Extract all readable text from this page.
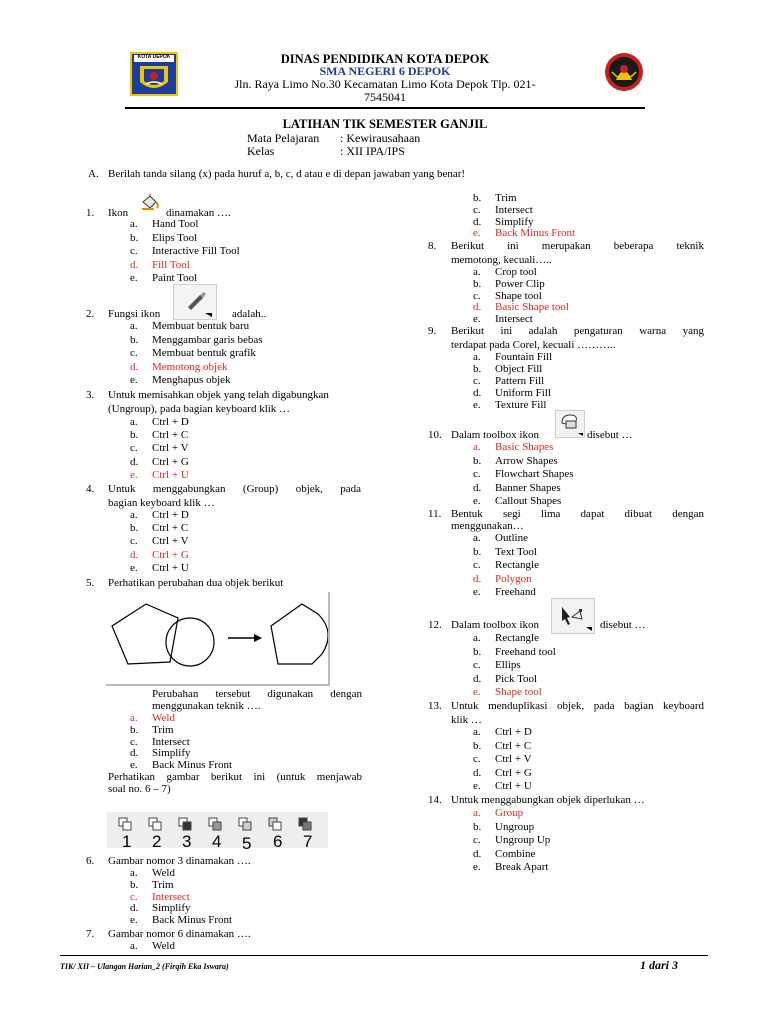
KOTA DEPOK	DINAS PENDIDIKAN KOTA DEPOK
SMA NEGERI 6 DEPOK
Jln. Raya Limo No.30 Kecamatan Limo Kota Depok Tlp. 021-
7545041
LATIHAN TIK SEMESTER GANJIL
Mata Pelajaran : Kewirausahaan
Kelas	: XII IPA/IPS
A. Berilah tanda silang (x) pada huruf a, b, c, d atau e di depan jawaban yang benar!
1. Ikon	dinamakan ….
a. Hand Tool
b. Elips Tool
c. Interactive Fill Tool
d. Fill Tool
e. Paint Tool
2. Fungsi ikon	adalah..
a. Membuat bentuk baru
b. Menggambar garis bebas
c. Membuat bentuk grafik
d. Memotong objek
e. Menghapus objek
3. Untuk memisahkan objek yang telah digabungkan
(Ungroup), pada bagian keyboard klik …
a. Ctrl + D
b. Ctrl + C
c. Ctrl + V
d. Ctrl + G
e. Ctrl + U
4. Untuk menggabungkan (Group) objek, pada
bagian keyboard klik …
a. Ctrl + D
b. Ctrl + C
c. Ctrl + V
d. Ctrl + G
e. Ctrl + U
5. Perhatikan perubahan dua objek berikut
Perubahan tersebut digunakan dengan
menggunakan teknik ….
a. Weld
b. Trim
c. Intersect
d. Simplify
e. Back Minus Front
Perhatikan gambar berikut ini (untuk menjawab
soal no. 6 – 7)
1 2 3 4 5 6 7
6. Gambar nomor 3 dinamakan ….
a. Weld
b. Trim
c. Intersect
d. Simplify
e. Back Minus Front
7. Gambar nomor 6 dinamakan ….
a. Weld
b. Trim
c. Intersect
d. Simplify
e. Back Minus Front
8. Berikut ini merupakan beberapa teknik
memotong, kecuali…..
a. Crop tool
b. Power Clip
c. Shape tool
d. Basic Shape tool
e. Intersect
9. Berikut ini adalah pengaturan warna yang
terdapat pada Corel, kecuali ………..
a. Fountain Fill
b. Object Fill
c. Pattern Fill
d. Uniform Fill
e. Texture Fill
10. Dalam toolbox ikon	disebut …
a. Basic Shapes
b. Arrow Shapes
c. Flowchart Shapes
d. Banner Shapes
e. Callout Shapes
11. Bentuk segi lima dapat dibuat dengan
menggunakan…
a. Outline
b. Text Tool
c. Rectangle
d. Polygon
e. Freehand
12. Dalam toolbox ikon	disebut …
a. Rectangle
b. Freehand tool
c. Ellips
d. Pick Tool
e. Shape tool
13. Untuk menduplikasi objek, pada bagian keyboard
klik …
a. Ctrl + D
b. Ctrl + C
c. Ctrl + V
d. Ctrl + G
e. Ctrl + U
14. Untuk menggabungkan objek diperlukan …
a. Group
b. Ungroup
c. Ungroup Up
d. Combine
e. Break Apart
TIK/ XII – Ulangan Harian_2 (Firqih Eka Iswara)	1 dari 3
